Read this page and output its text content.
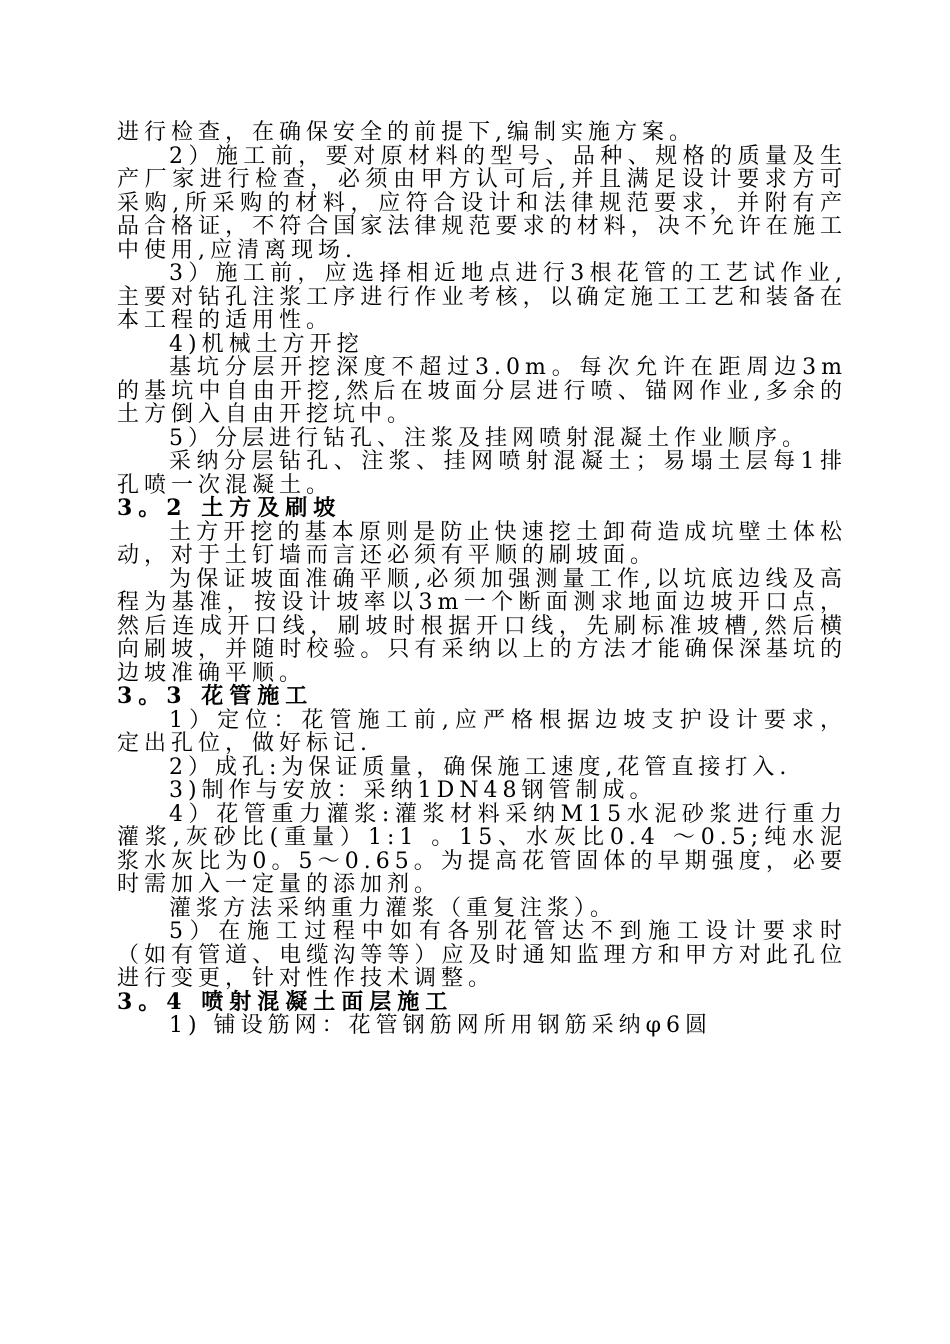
进行检查，在确保安全的前提下,编制实施方案。

2）施工前，要对原材料的型号、品种、规格的质量及生产厂家进行检查，必须由甲方认可后,并且满足设计要求方可采购,所采购的材料，应符合设计和法律规范要求，并附有产品合格证，不符合国家法律规范要求的材料，决不允许在施工中使用,应清离现场.

3）施工前，应选择相近地点进行3根花管的工艺试作业,主要对钻孔注浆工序进行作业考核，以确定施工工艺和装备在本工程的适用性。

4)机械土方开挖

基坑分层开挖深度不超过3.0m。每次允许在距周边3m的基坑中自由开挖,然后在坡面分层进行喷、锚网作业,多余的土方倒入自由开挖坑中。

5）分层进行钻孔、注浆及挂网喷射混凝土作业顺序。

采纳分层钻孔、注浆、挂网喷射混凝土；易塌土层每1排孔喷一次混凝土。

3。2 土方及刷坡

土方开挖的基本原则是防止快速挖土卸荷造成坑壁土体松动，对于土钉墙而言还必须有平顺的刷坡面。

为保证坡面准确平顺,必须加强测量工作,以坑底边线及高程为基准，按设计坡率以3m一个断面测求地面边坡开口点，然后连成开口线，刷坡时根据开口线，先刷标准坡槽,然后横向刷坡，并随时校验。只有采纳以上的方法才能确保深基坑的边坡准确平顺。

3。3 花管施工

1）定位：花管施工前,应严格根据边坡支护设计要求，定出孔位，做好标记.

2）成孔:为保证质量，确保施工速度,花管直接打入.

3)制作与安放：采纳1DN48钢管制成。

4）花管重力灌浆:灌浆材料采纳M15水泥砂浆进行重力灌浆,灰砂比(重量）1:1 。15、水灰比0.4 ～0.5;纯水泥浆水灰比为0。5～0.65。为提高花管固体的早期强度，必要时需加入一定量的添加剂。

灌浆方法采纳重力灌浆（重复注浆）。

5）在施工过程中如有各别花管达不到施工设计要求时（如有管道、电缆沟等等）应及时通知监理方和甲方对此孔位进行变更，针对性作技术调整。

3。4 喷射混凝土面层施工

1) 铺设筋网：花管钢筋网所用钢筋采纳φ6圆
